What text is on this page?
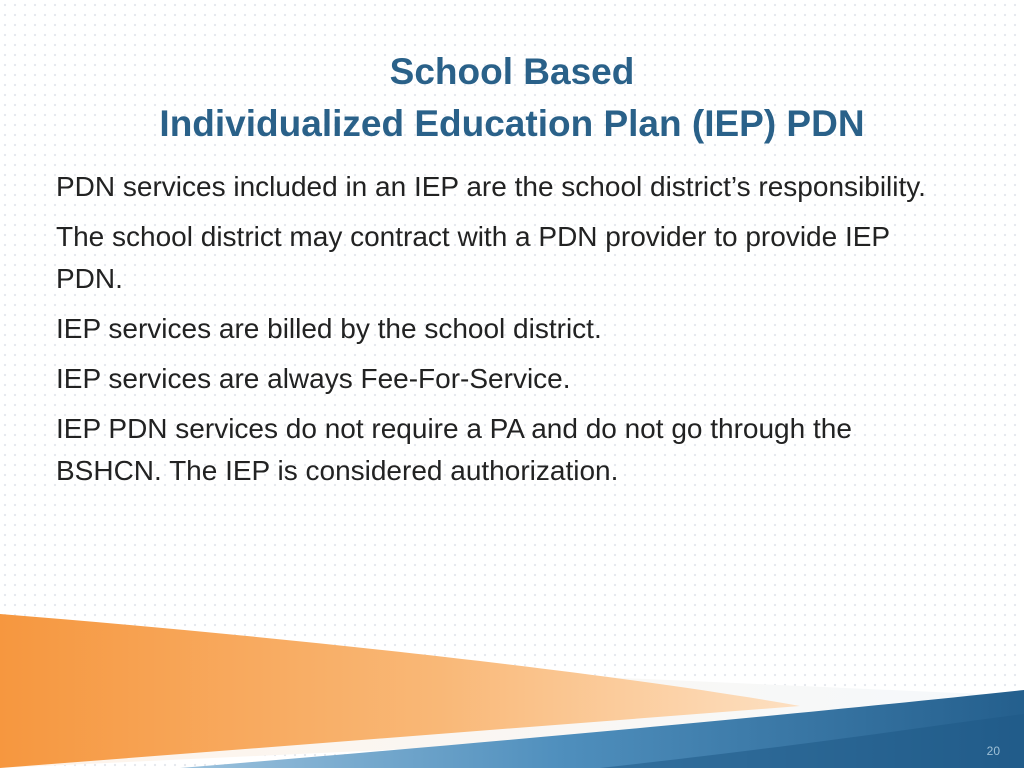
School Based
Individualized Education Plan (IEP) PDN

PDN services included in an IEP are the school district’s responsibility.

The school district may contract with a PDN provider to provide IEP PDN.

IEP services are billed by the school district.

IEP services are always Fee-For-Service.

IEP PDN services do not require a PA and do not go through the BSHCN. The IEP is considered authorization.

20
